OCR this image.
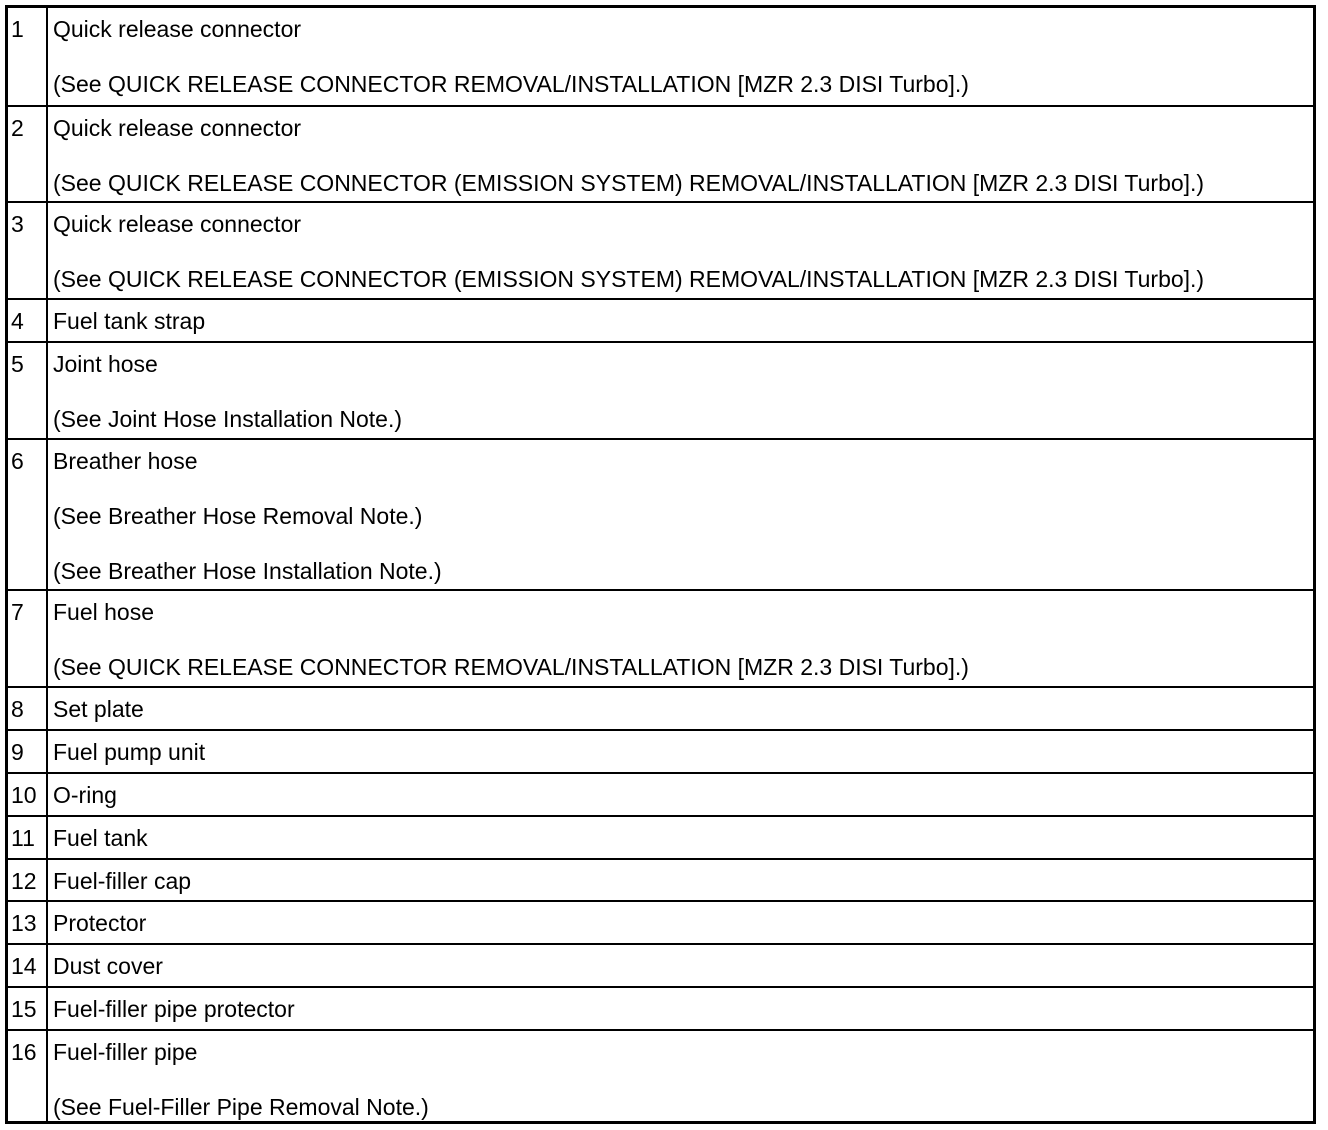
1	Quick release connector
(See QUICK RELEASE CONNECTOR REMOVAL/INSTALLATION [MZR 2.3 DISI Turbo].)
2	Quick release connector
(See QUICK RELEASE CONNECTOR (EMISSION SYSTEM) REMOVAL/INSTALLATION [MZR 2.3 DISI Turbo].)
3	Quick release connector
(See QUICK RELEASE CONNECTOR (EMISSION SYSTEM) REMOVAL/INSTALLATION [MZR 2.3 DISI Turbo].)
4	Fuel tank strap
5	Joint hose
(See Joint Hose Installation Note.)
6	Breather hose
(See Breather Hose Removal Note.)
(See Breather Hose Installation Note.)
7	Fuel hose
(See QUICK RELEASE CONNECTOR REMOVAL/INSTALLATION [MZR 2.3 DISI Turbo].)
8	Set plate
9	Fuel pump unit
10 O-ring
11 Fuel tank
12 Fuel-filler cap
13 Protector
14 Dust cover
15 Fuel-filler pipe protector
16 Fuel-filler pipe
(See Fuel-Filler Pipe Removal Note.)
